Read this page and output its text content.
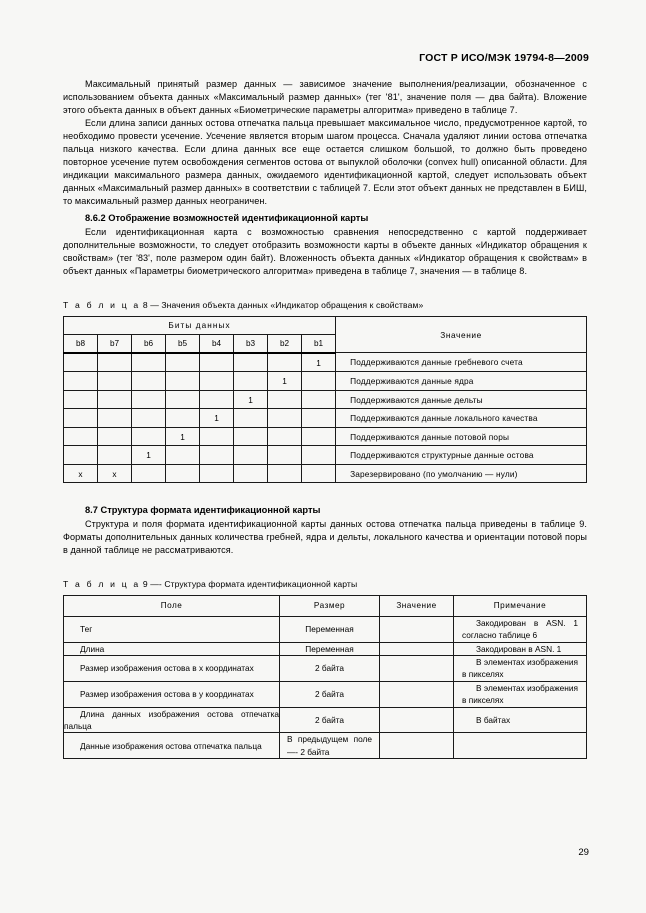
ГОСТ Р ИСО/МЭК 19794-8—2009

Максимальный принятый размер данных — зависимое значение выполнения/реализации, обозначенное с использованием объекта данных «Максимальный размер данных» (тег '81', значение поля — два байта). Вложение этого объекта данных в объект данных «Биометрические параметры алгоритма» приведено в таблице 7.

Если длина записи данных остова отпечатка пальца превышает максимальное число, предусмотренное картой, то необходимо провести усечение. Усечение является вторым шагом процесса. Сначала удаляют линии остова отпечатка пальца низкого качества. Если длина данных все еще остается слишком большой, то должно быть проведено повторное усечение путем освобождения сегментов остова от выпуклой оболочки (convex hull) описанной области. Для индикации максимального размера данных, ожидаемого идентификационной картой, следует использовать объект данных «Максимальный размер данных» в соответствии с таблицей 7. Если этот объект данных не представлен в БИШ, то максимальный размер данных неограничен.

8.6.2 Отображение возможностей идентификационной карты

Если идентификационная карта с возможностью сравнения непосредственно с картой поддерживает дополнительные возможности, то следует отобразить возможности карты в объекте данных «Индикатор обращения к свойствам» (тег '83', поле размером один байт). Вложенность объекта данных «Индикатор обращения к свойствам» в объект данных «Параметры биометрического алгоритма» приведена в таблице 7, значения — в таблице 8.

Т а б л и ц а 8 — Значения объекта данных «Индикатор обращения к свойствам»
Биты данных								Значение
b8	b7	b6	b5	b4	b3	b2	b1	
							1	Поддерживаются данные гребневого счета
						1		Поддерживаются данные ядра
					1			Поддерживаются данные дельты
				1				Поддерживаются данные локального качества
			1					Поддерживаются данные потовой поры
		1						Поддерживаются структурные данные остова
x	x							Зарезервировано (по умолчанию — нули)
8.7 Структура формата идентификационной карты

Структура и поля формата идентификационной карты данных остова отпечатка пальца приведены в таблице 9. Форматы дополнительных данных количества гребней, ядра и дельты, локального качества и ориентации потовой поры в данной таблице не рассматриваются.

Т а б л и ц а 9 —- Структура формата идентификационной карты
Поле	Размер	Значение	Примечание
Тег	Переменная		Закодирован в ASN. 1 согласно таблице 6
Длина	Переменная		Закодирован в ASN. 1
Размер изображения остова в x координатах	2 байта		В элементах изображения в пикселях
Размер изображения остова в y координатах	2 байта		В элементах изображения в пикселях
Длина данных изображения остова отпечатка пальца	2 байта		В байтах
Данные изображения остова отпечатка пальца	В предыдущем поле —- 2 байта		
29
